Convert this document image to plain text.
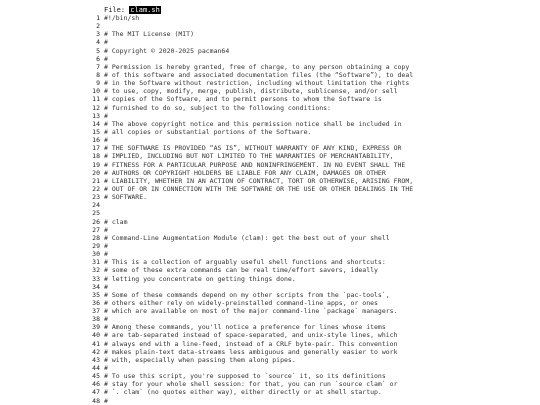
File: clam.sh
1 #!/bin/sh
2
3 # The MIT License (MIT)
4 #
5 # Copyright © 2020-2025 pacman64
6 #
7 # Permission is hereby granted, free of charge, to any person obtaining a copy
8 # of this software and associated documentation files (the “Software”), to deal
9 # in the Software without restriction, including without limitation the rights
10 # to use, copy, modify, merge, publish, distribute, sublicense, and/or sell
11 # copies of the Software, and to permit persons to whom the Software is
12 # furnished to do so, subject to the following conditions:
13 #
14 # The above copyright notice and this permission notice shall be included in
15 # all copies or substantial portions of the Software.
16 #
17 # THE SOFTWARE IS PROVIDED “AS IS”, WITHOUT WARRANTY OF ANY KIND, EXPRESS OR
18 # IMPLIED, INCLUDING BUT NOT LIMITED TO THE WARRANTIES OF MERCHANTABILITY,
19 # FITNESS FOR A PARTICULAR PURPOSE AND NONINFRINGEMENT. IN NO EVENT SHALL THE
20 # AUTHORS OR COPYRIGHT HOLDERS BE LIABLE FOR ANY CLAIM, DAMAGES OR OTHER
21 # LIABILITY, WHETHER IN AN ACTION OF CONTRACT, TORT OR OTHERWISE, ARISING FROM,
22 # OUT OF OR IN CONNECTION WITH THE SOFTWARE OR THE USE OR OTHER DEALINGS IN THE
23 # SOFTWARE.
24
25
26 # clam
27 #
28 # Command-Line Augmentation Module (clam): get the best out of your shell
29 #
30 #
31 # This is a collection of arguably useful shell functions and shortcuts:
32 # some of these extra commands can be real time/effort savers, ideally
33 # letting you concentrate on getting things done.
34 #
35 # Some of these commands depend on my other scripts from the `pac-tools`,
36 # others either rely on widely-preinstalled command-line apps, or ones
37 # which are available on most of the major command-line `package` managers.
38 #
39 # Among these commands, you'll notice a preference for lines whose items
40 # are tab-separated instead of space-separated, and unix-style lines, which
41 # always end with a line-feed, instead of a CRLF byte-pair. This convention
42 # makes plain-text data-streams less ambiguous and generally easier to work
43 # with, especially when passing them along pipes.
44 #
45 # To use this script, you're supposed to `source` it, so its definitions
46 # stay for your whole shell session: for that, you can run `source clam` or
47 # `. clam` (no quotes either way), either directly or at shell startup.
48 #
